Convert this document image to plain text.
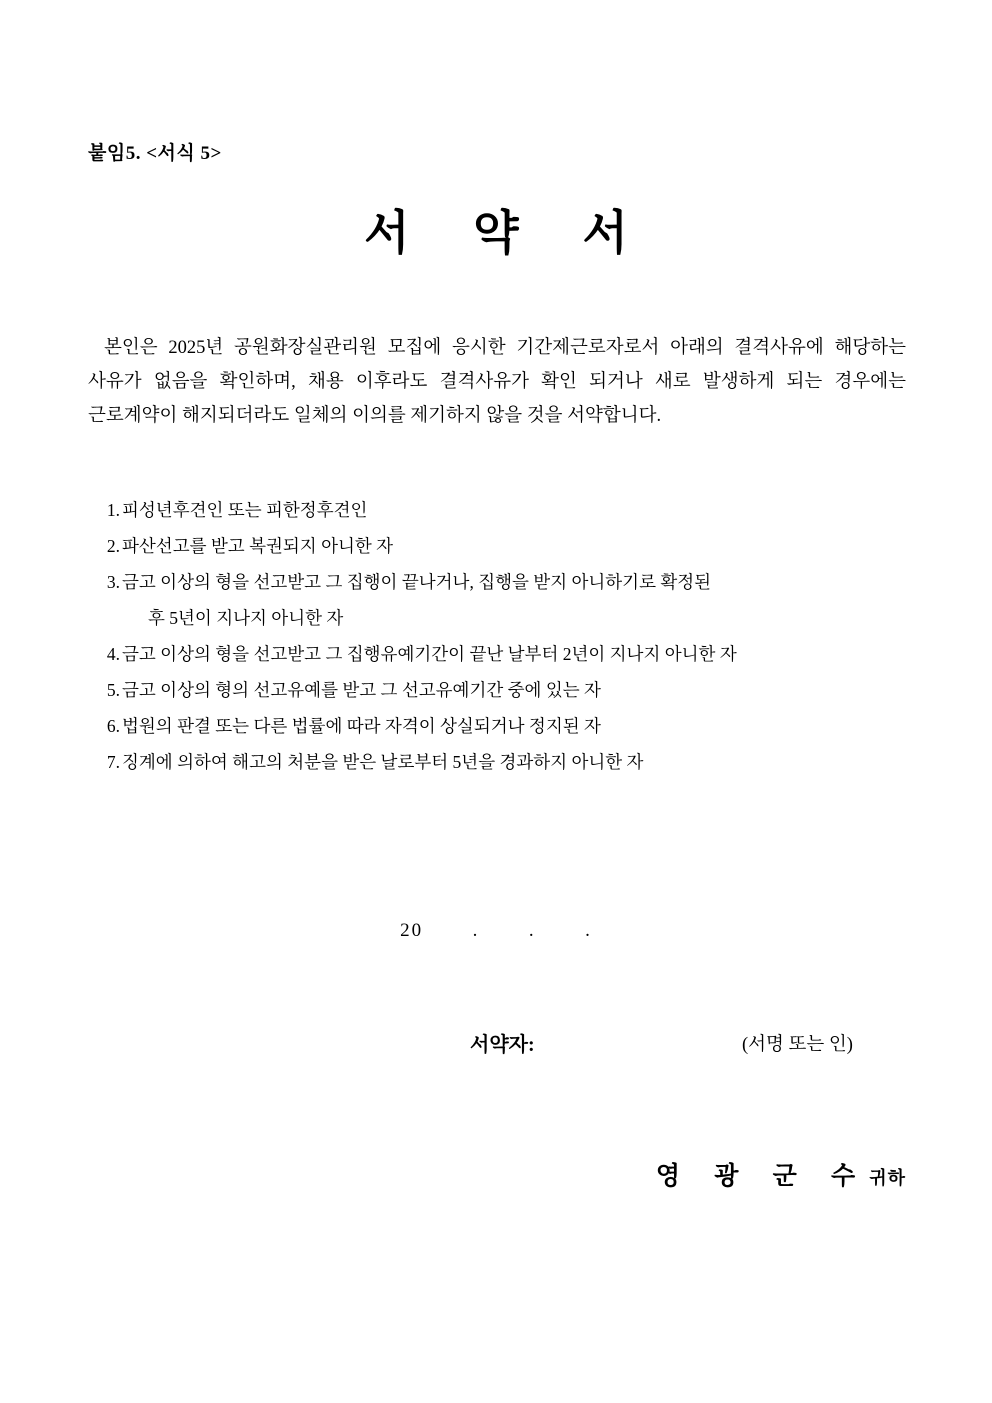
붙임5. <서식 5>
서 약 서

본인은 2025년 공원화장실관리원 모집에 응시한 기간제근로자로서 아래의 결격사유에 해당하는 사유가 없음을 확인하며, 채용 이후라도 결격사유가 확인 되거나 새로 발생하게 되는 경우에는 근로계약이 해지되더라도 일체의 이의를 제기하지 않을 것을 서약합니다.

1. 피성년후견인 또는 피한정후견인
2. 파산선고를 받고 복권되지 아니한 자
3. 금고 이상의 형을 선고받고 그 집행이 끝나거나, 집행을 받지 아니하기로 확정된
후 5년이 지나지 아니한 자
4. 금고 이상의 형을 선고받고 그 집행유예기간이 끝난 날부터 2년이 지나지 아니한 자
5. 금고 이상의 형의 선고유예를 받고 그 선고유예기간 중에 있는 자
6. 법원의 판결 또는 다른 법률에 따라 자격이 상실되거나 정지된 자
7. 징계에 의하여 해고의 처분을 받은 날로부터 5년을 경과하지 아니한 자
20	.	.	.
서약자:	(서명 또는 인)
영 광 군 수귀하
